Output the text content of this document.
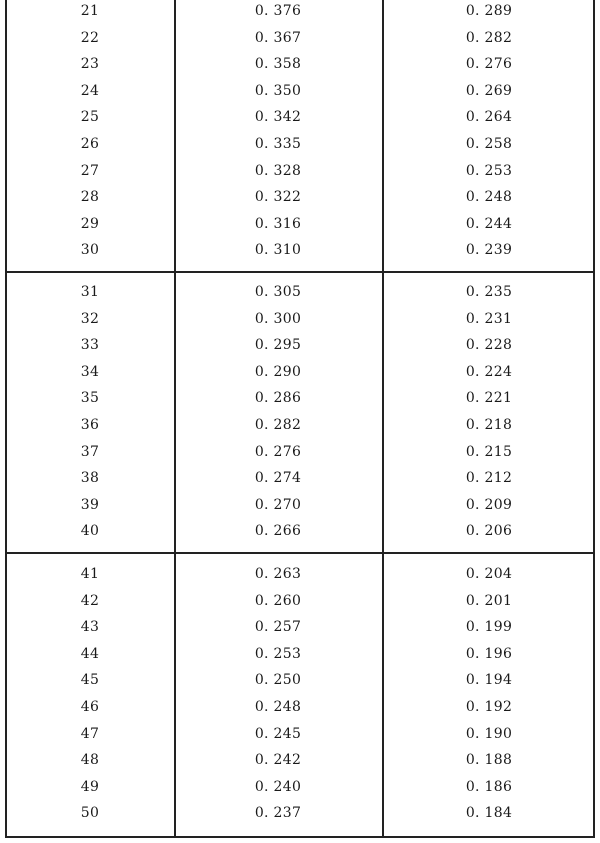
21	0. 376	0. 289
22	0. 367	0. 282
23	0. 358	0. 276
24	0. 350	0. 269
25	0. 342	0. 264
26	0. 335	0. 258
27	0. 328	0. 253
28	0. 322	0. 248
29	0. 316	0. 244
30	0. 310	0. 239
31	0. 305	0. 235
32	0. 300	0. 231
33	0. 295	0. 228
34	0. 290	0. 224
35	0. 286	0. 221
36	0. 282	0. 218
37	0. 276	0. 215
38	0. 274	0. 212
39	0. 270	0. 209
40	0. 266	0. 206
41	0. 263	0. 204
42	0. 260	0. 201
43	0. 257	0. 199
44	0. 253	0. 196
45	0. 250	0. 194
46	0. 248	0. 192
47	0. 245	0. 190
48	0. 242	0. 188
49	0. 240	0. 186
50	0. 237	0. 184
